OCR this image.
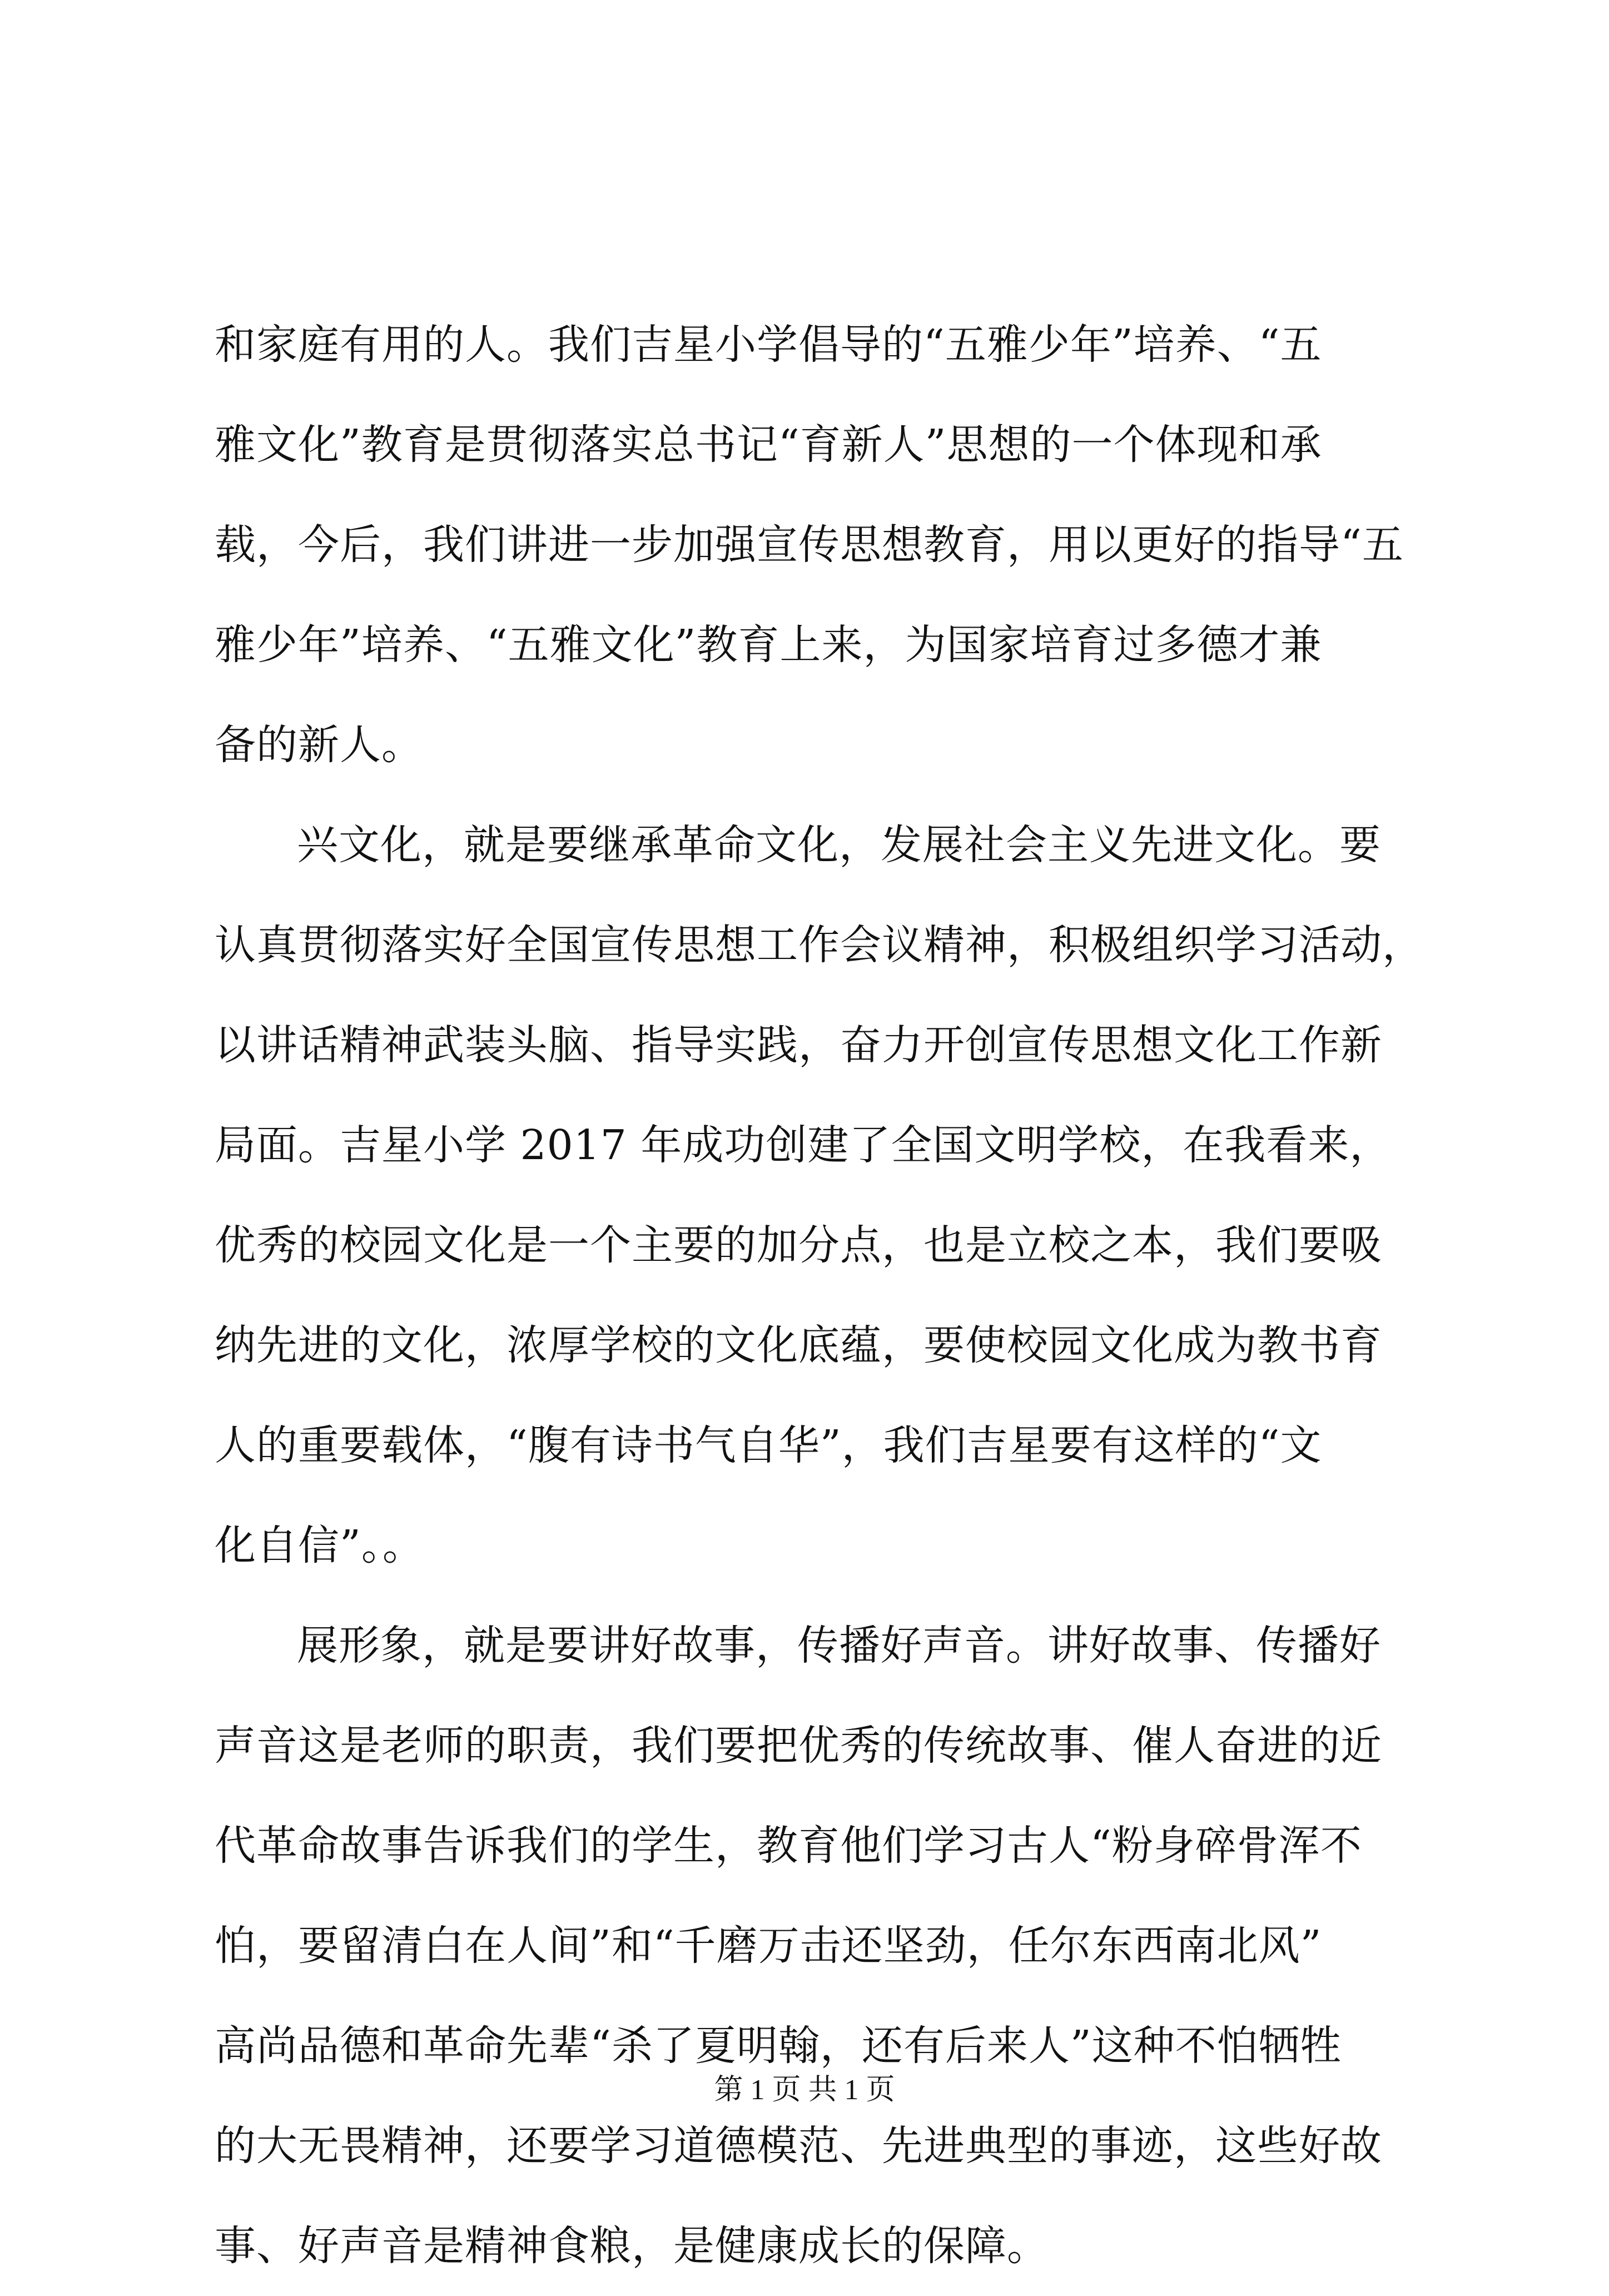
和家庭有用的人。我们吉星小学倡导的“五雅少年”培养、“五
雅文化”教育是贯彻落实总书记“育新人”思想的一个体现和承
载，今后，我们讲进一步加强宣传思想教育，用以更好的指导“五
雅少年”培养、“五雅文化”教育上来，为国家培育过多德才兼
备的新人。
兴文化，就是要继承革命文化，发展社会主义先进文化。要
认真贯彻落实好全国宣传思想工作会议精神，积极组织学习活动，
以讲话精神武装头脑、指导实践，奋力开创宣传思想文化工作新
局面。吉星小学 2017 年成功创建了全国文明学校，在我看来，
优秀的校园文化是一个主要的加分点，也是立校之本，我们要吸
纳先进的文化，浓厚学校的文化底蕴，要使校园文化成为教书育
人的重要载体，“腹有诗书气自华”，我们吉星要有这样的“文
化自信”。。
展形象，就是要讲好故事，传播好声音。讲好故事、传播好
声音这是老师的职责，我们要把优秀的传统故事、催人奋进的近
代革命故事告诉我们的学生，教育他们学习古人“粉身碎骨浑不
怕，要留清白在人间”和“千磨万击还坚劲，任尔东西南北风”
高尚品德和革命先辈“杀了夏明翰，还有后来人”这种不怕牺牲
的大无畏精神，还要学习道德模范、先进典型的事迹，这些好故
事、好声音是精神食粮，是健康成长的保障。
第 1 页 共 1 页
